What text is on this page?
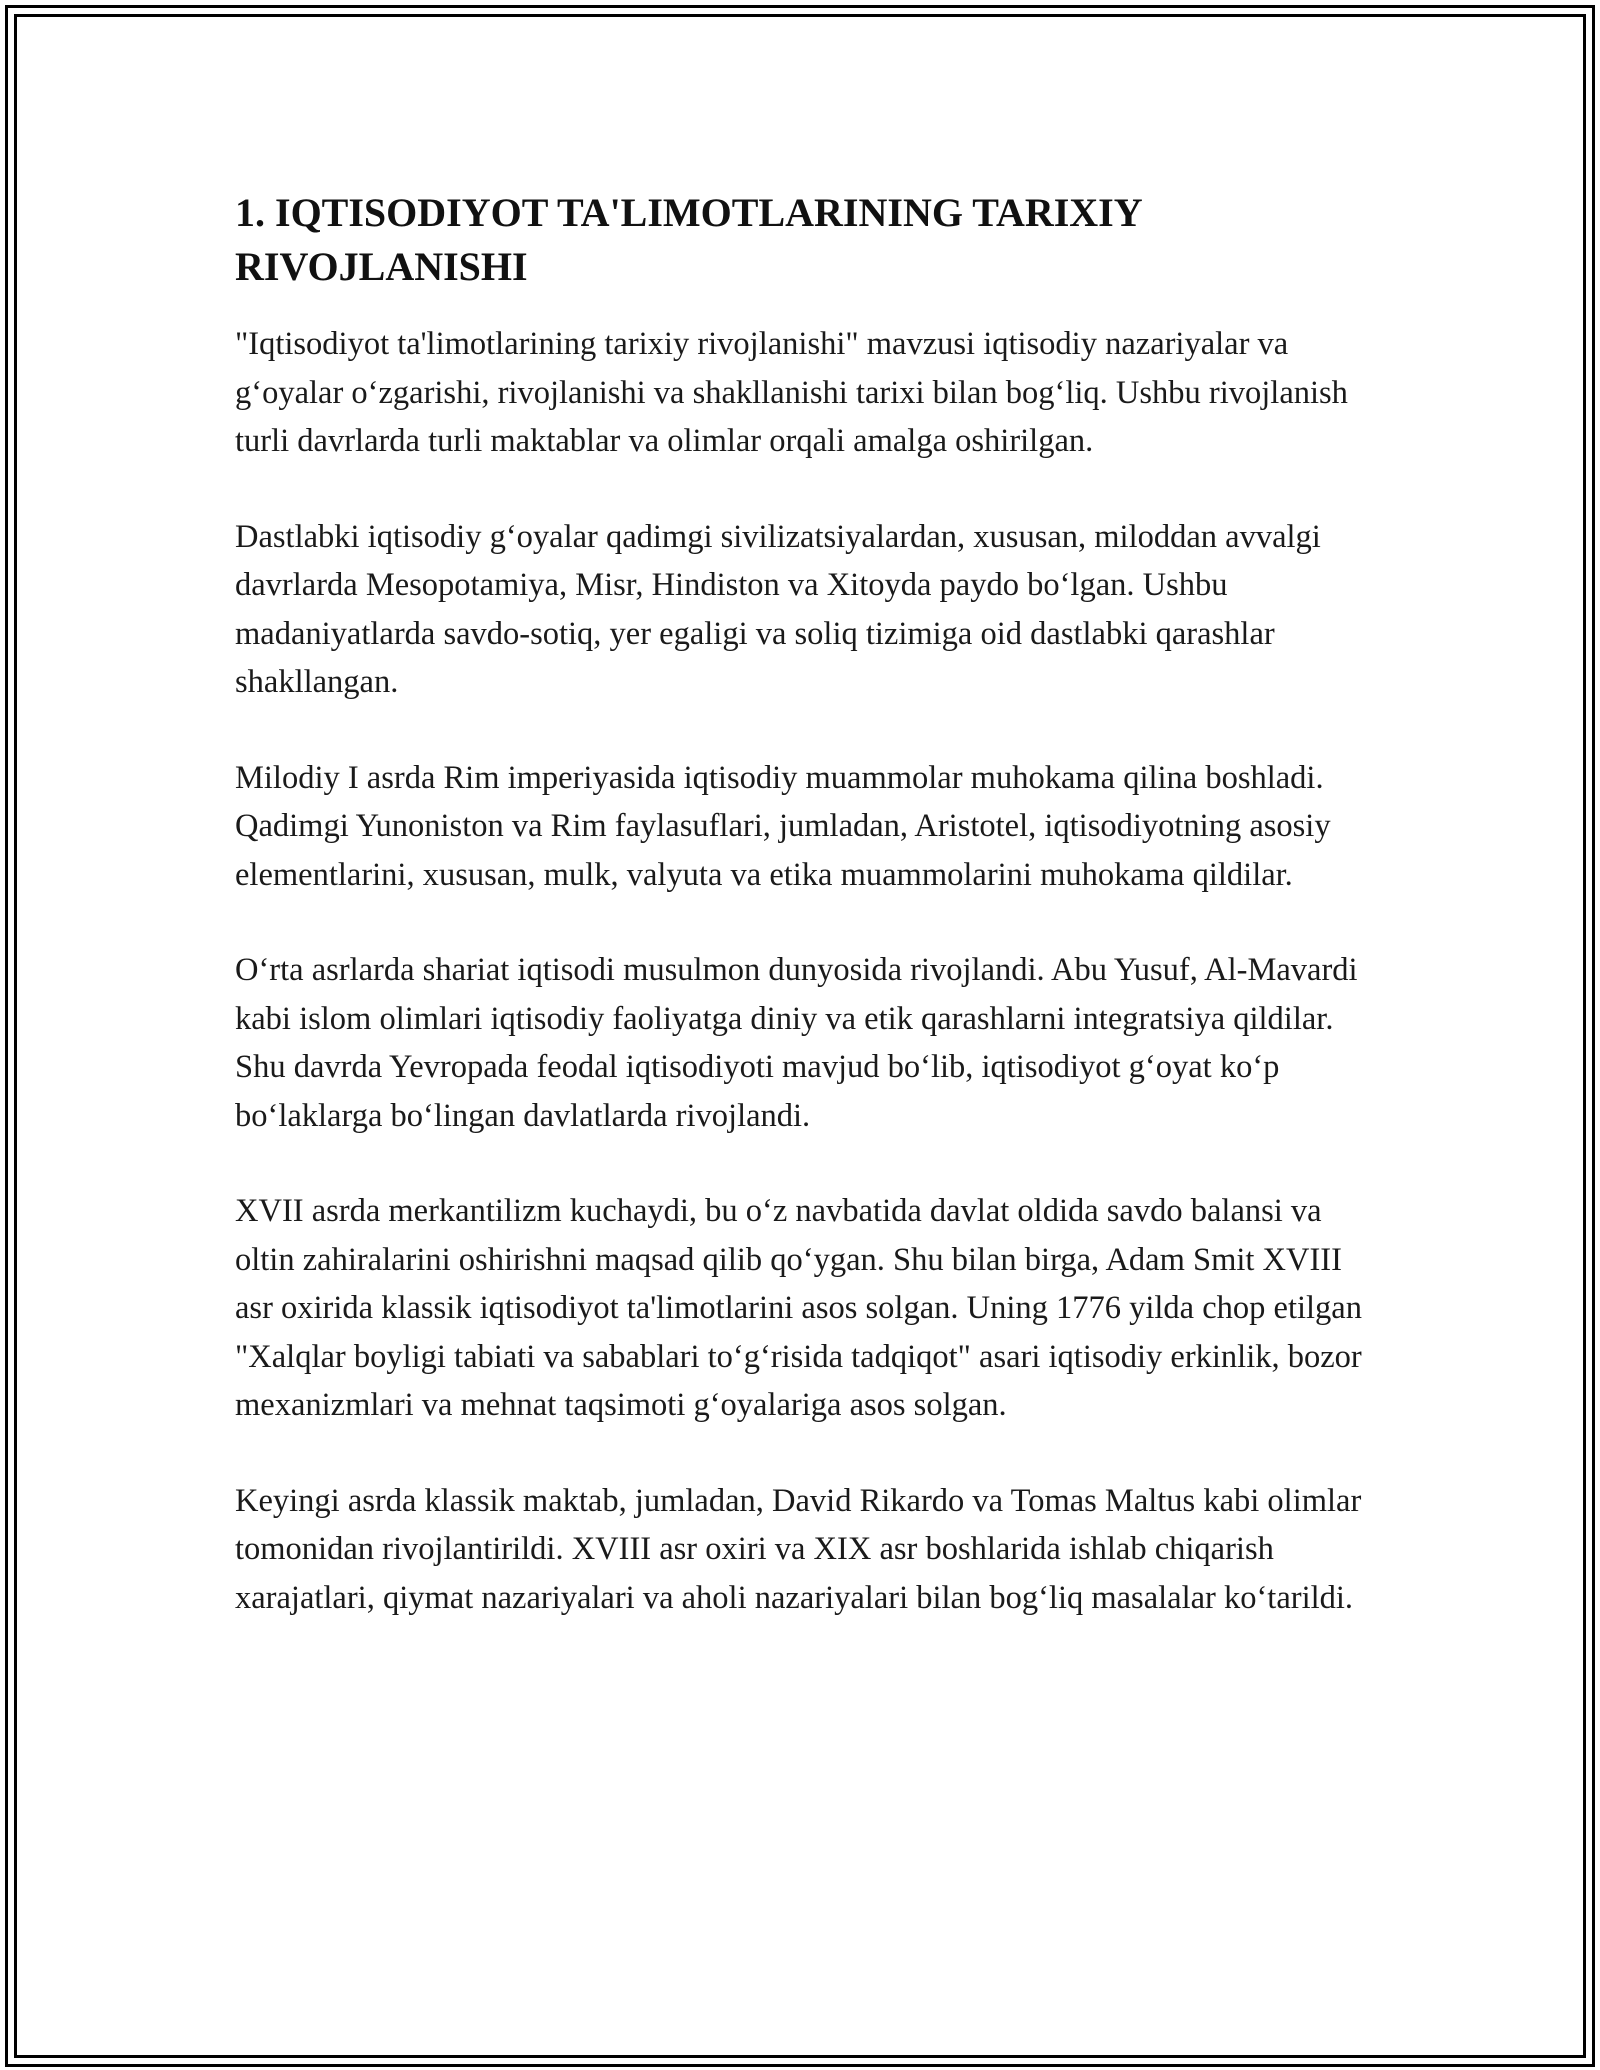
1. IQTISODIYOT TA'LIMOTLARINING TARIXIY RIVOJLANISHI

"Iqtisodiyot ta'limotlarining tarixiy rivojlanishi" mavzusi iqtisodiy nazariyalar va g‘oyalar o‘zgarishi, rivojlanishi va shakllanishi tarixi bilan bog‘liq. Ushbu rivojlanish turli davrlarda turli maktablar va olimlar orqali amalga oshirilgan.

Dastlabki iqtisodiy g‘oyalar qadimgi sivilizatsiyalardan, xususan, miloddan avvalgi davrlarda Mesopotamiya, Misr, Hindiston va Xitoyda paydo bo‘lgan. Ushbu madaniyatlarda savdo-sotiq, yer egaligi va soliq tizimiga oid dastlabki qarashlar shakllangan.

Milodiy I asrda Rim imperiyasida iqtisodiy muammolar muhokama qilina boshladi. Qadimgi Yunoniston va Rim faylasuflari, jumladan, Aristotel, iqtisodiyotning asosiy elementlarini, xususan, mulk, valyuta va etika muammolarini muhokama qildilar.

O‘rta asrlarda shariat iqtisodi musulmon dunyosida rivojlandi. Abu Yusuf, Al-Mavardi kabi islom olimlari iqtisodiy faoliyatga diniy va etik qarashlarni integratsiya qildilar. Shu davrda Yevropada feodal iqtisodiyoti mavjud bo‘lib, iqtisodiyot g‘oyat ko‘p bo‘laklarga bo‘lingan davlatlarda rivojlandi.

XVII asrda merkantilizm kuchaydi, bu o‘z navbatida davlat oldida savdo balansi va oltin zahiralarini oshirishni maqsad qilib qo‘ygan. Shu bilan birga, Adam Smit XVIII asr oxirida klassik iqtisodiyot ta'limotlarini asos solgan. Uning 1776 yilda chop etilgan "Xalqlar boyligi tabiati va sabablari to‘g‘risida tadqiqot" asari iqtisodiy erkinlik, bozor mexanizmlari va mehnat taqsimoti g‘oyalariga asos solgan.

Keyingi asrda klassik maktab, jumladan, David Rikardo va Tomas Maltus kabi olimlar tomonidan rivojlantirildi. XVIII asr oxiri va XIX asr boshlarida ishlab chiqarish xarajatlari, qiymat nazariyalari va aholi nazariyalari bilan bog‘liq masalalar ko‘tarildi.
